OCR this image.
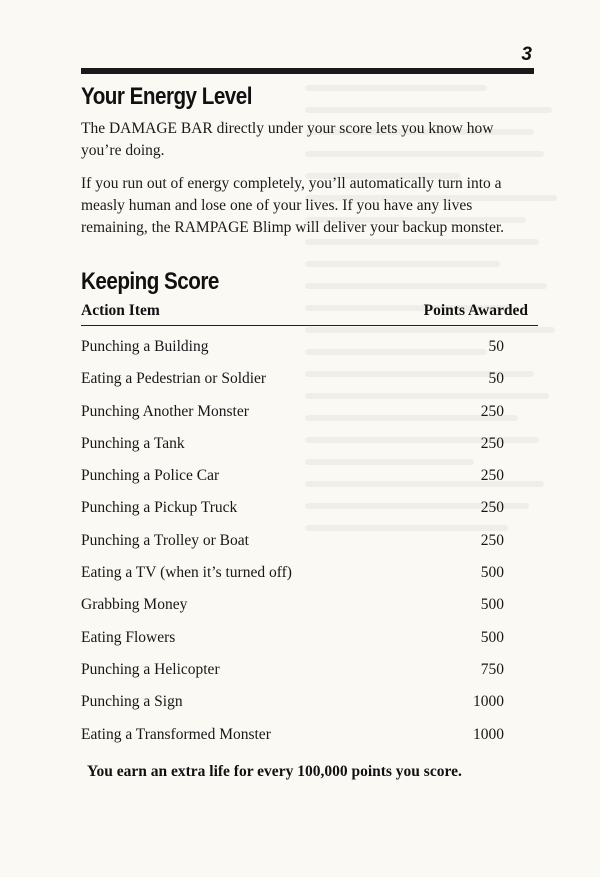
3
Your Energy Level

The DAMAGE BAR directly under your score lets you know how you’re doing.

If you run out of energy completely, you’ll automatically turn into a measly human and lose one of your lives. If you have any lives remaining, the RAMPAGE Blimp will deliver your backup monster.

Keeping Score
Action Item	Points Awarded
Punching a Building	50
Eating a Pedestrian or Soldier	50
Punching Another Monster	250
Punching a Tank	250
Punching a Police Car	250
Punching a Pickup Truck	250
Punching a Trolley or Boat	250
Eating a TV (when it’s turned off)	500
Grabbing Money	500
Eating Flowers	500
Punching a Helicopter	750
Punching a Sign	1000
Eating a Transformed Monster	1000
You earn an extra life for every 100,000 points you score.
